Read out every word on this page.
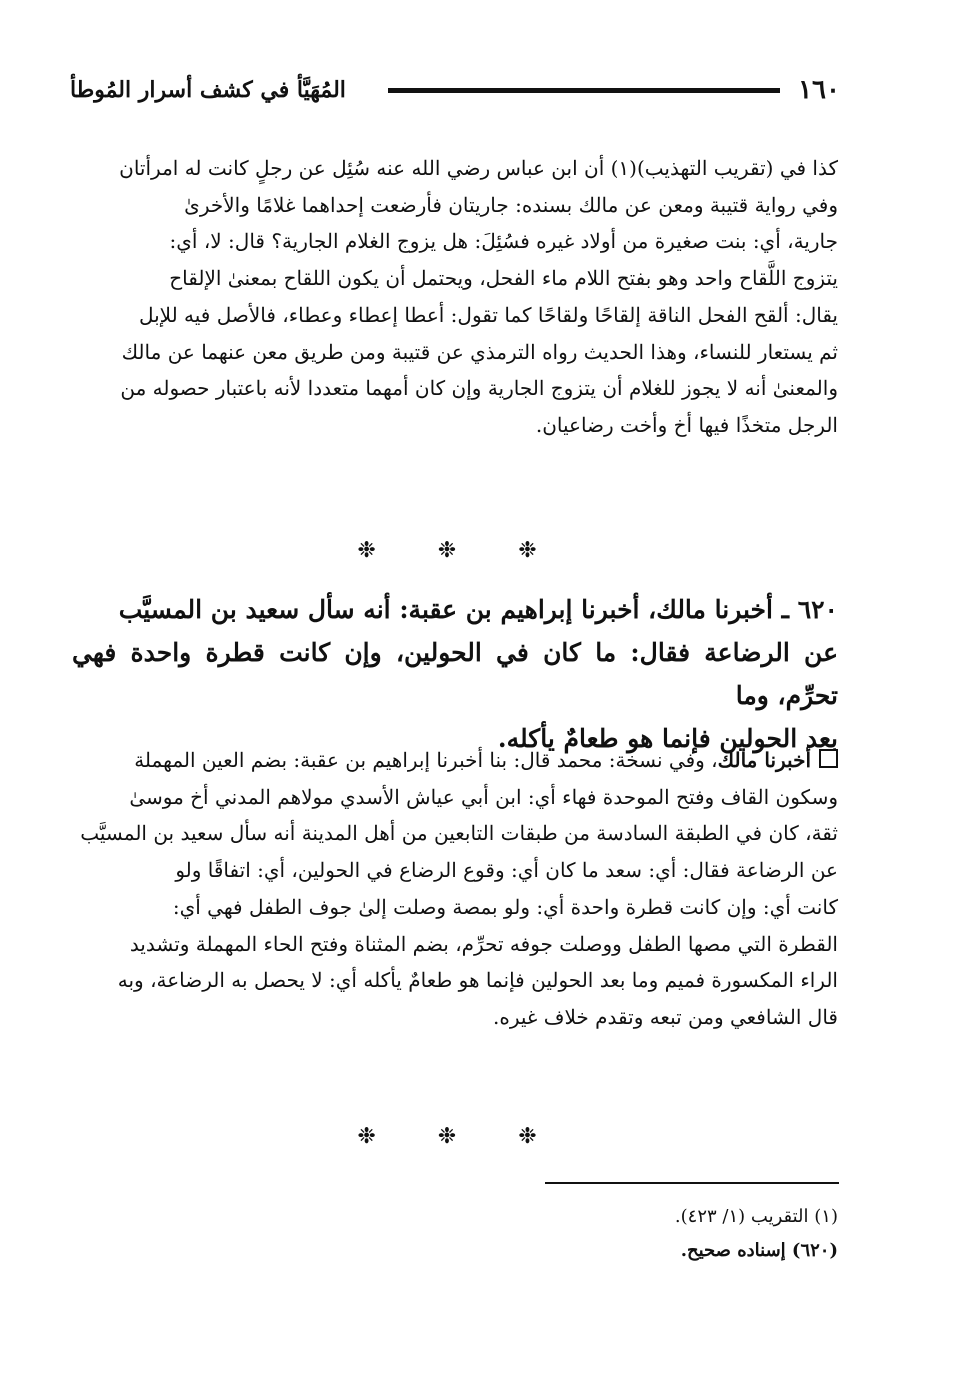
١٦٠
المُهَيَّأ في كشف أسرار المُوطأ

كذا في (تقريب التهذيب)(١) أن ابن عباس رضي الله عنه سُئِل عن رجلٍ كانت له امرأتان

وفي رواية قتيبة ومعن عن مالك بسنده: جاريتان فأرضعت إحداهما غلامًا والأخرىٰ

جارية، أي: بنت صغيرة من أولاد غيره فسُئِلَ: هل يزوج الغلام الجارية؟ قال: لا، أي:

يتزوج اللَّقاح واحد وهو بفتح اللام ماء الفحل، ويحتمل أن يكون اللقاح بمعنىٰ الإلقاح

يقال: ألقح الفحل الناقة إلقاحًا ولقاحًا كما تقول: أعطا إعطاء وعطاء، فالأصل فيه للإبل

ثم يستعار للنساء، وهذا الحديث رواه الترمذي عن قتيبة ومن طريق معن عنهما عن مالك

والمعنىٰ أنه لا يجوز للغلام أن يتزوج الجارية وإن كان أمهما متعددا لأنه باعتبار حصوله من

الرجل متخذًا فيها أخ وأخت رضاعيان.

❉❉❉

٦٢٠ ـ أخبرنا مالك، أخبرنا إبراهيم بن عقبة: أنه سأل سعيد بن المسيَّب

عن الرضاعة فقال: ما كان في الحولين، وإن كانت قطرة واحدة فهي تحرِّم، وما

بعد الحولين فإنما هو طعامٌ يأكله.

أخبرنا مالك، وفي نسخة: محمد قال: بنا أخبرنا إبراهيم بن عقبة: بضم العين المهملة

وسكون القاف وفتح الموحدة فهاء أي: ابن أبي عياش الأسدي مولاهم المدني أخ موسىٰ

ثقة، كان في الطبقة السادسة من طبقات التابعين من أهل المدينة أنه سأل سعيد بن المسيَّب

عن الرضاعة فقال: أي: سعد ما كان أي: وقوع الرضاع في الحولين، أي: اتفاقًا ولو

كانت أي: وإن كانت قطرة واحدة أي: ولو بمصة وصلت إلىٰ جوف الطفل فهي أي:

القطرة التي مصها الطفل ووصلت جوفه تحرِّم، بضم المثناة وفتح الحاء المهملة وتشديد

الراء المكسورة فميم وما بعد الحولين فإنما هو طعامٌ يأكله أي: لا يحصل به الرضاعة، وبه

قال الشافعي ومن تبعه وتقدم خلاف غيره.

❉❉❉

(١) التقريب (١/ ٤٢٣).

(٦٢٠) إسناده صحيح.
